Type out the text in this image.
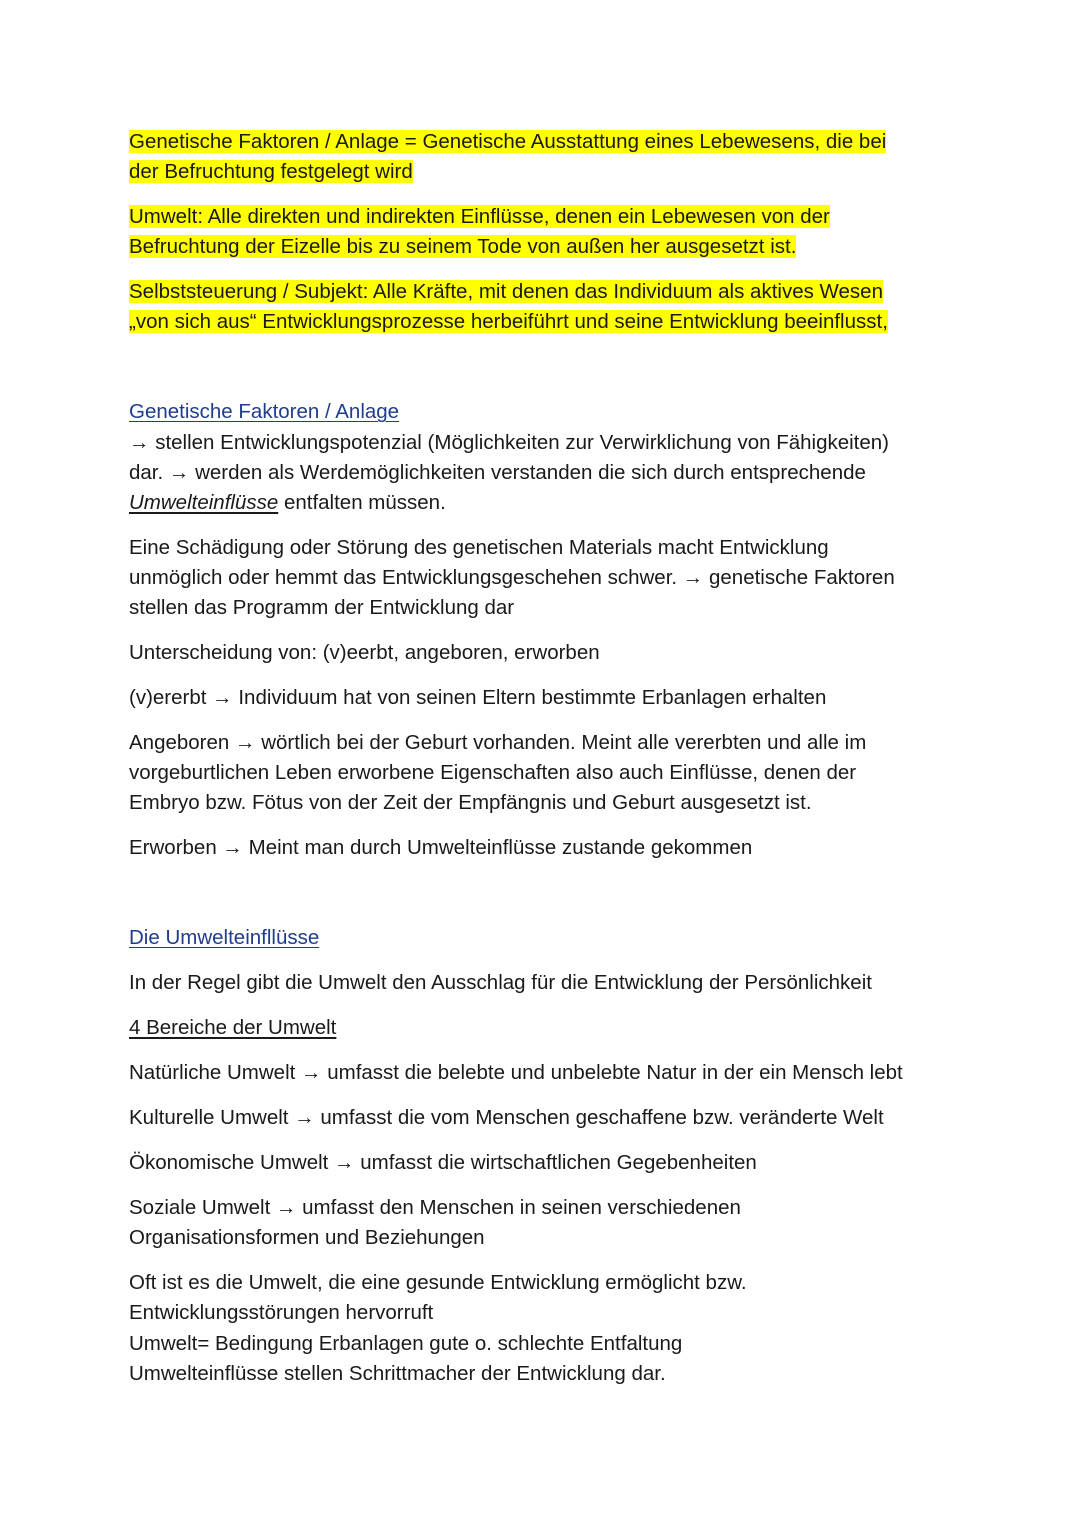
Genetische Faktoren / Anlage = Genetische Ausstattung eines Lebewesens, die bei
der Befruchtung festgelegt wird
Umwelt: Alle direkten und indirekten Einflüsse, denen ein Lebewesen von der
Befruchtung der Eizelle bis zu seinem Tode von außen her ausgesetzt ist.
Selbststeuerung / Subjekt: Alle Kräfte, mit denen das Individuum als aktives Wesen
„von sich aus“ Entwicklungsprozesse herbeiführt und seine Entwicklung beeinflusst,
Genetische Faktoren / Anlage
→ stellen Entwicklungspotenzial (Möglichkeiten zur Verwirklichung von Fähigkeiten)
dar. → werden als Werdemöglichkeiten verstanden die sich durch entsprechende
Umwelteinflüsse entfalten müssen.
Eine Schädigung oder Störung des genetischen Materials macht Entwicklung
unmöglich oder hemmt das Entwicklungsgeschehen schwer. → genetische Faktoren
stellen das Programm der Entwicklung dar
Unterscheidung von: (v)eerbt, angeboren, erworben
(v)ererbt → Individuum hat von seinen Eltern bestimmte Erbanlagen erhalten
Angeboren → wörtlich bei der Geburt vorhanden. Meint alle vererbten und alle im
vorgeburtlichen Leben erworbene Eigenschaften also auch Einflüsse, denen der
Embryo bzw. Fötus von der Zeit der Empfängnis und Geburt ausgesetzt ist.
Erworben → Meint man durch Umwelteinflüsse zustande gekommen
Die Umwelteinfllüsse
In der Regel gibt die Umwelt den Ausschlag für die Entwicklung der Persönlichkeit
4 Bereiche der Umwelt
Natürliche Umwelt → umfasst die belebte und unbelebte Natur in der ein Mensch lebt
Kulturelle Umwelt → umfasst die vom Menschen geschaffene bzw. veränderte Welt
Ökonomische Umwelt → umfasst die wirtschaftlichen Gegebenheiten
Soziale Umwelt → umfasst den Menschen in seinen verschiedenen
Organisationsformen und Beziehungen
Oft ist es die Umwelt, die eine gesunde Entwicklung ermöglicht bzw.
Entwicklungsstörungen hervorruft
Umwelt= Bedingung Erbanlagen gute o. schlechte Entfaltung
Umwelteinflüsse stellen Schrittmacher der Entwicklung dar.
